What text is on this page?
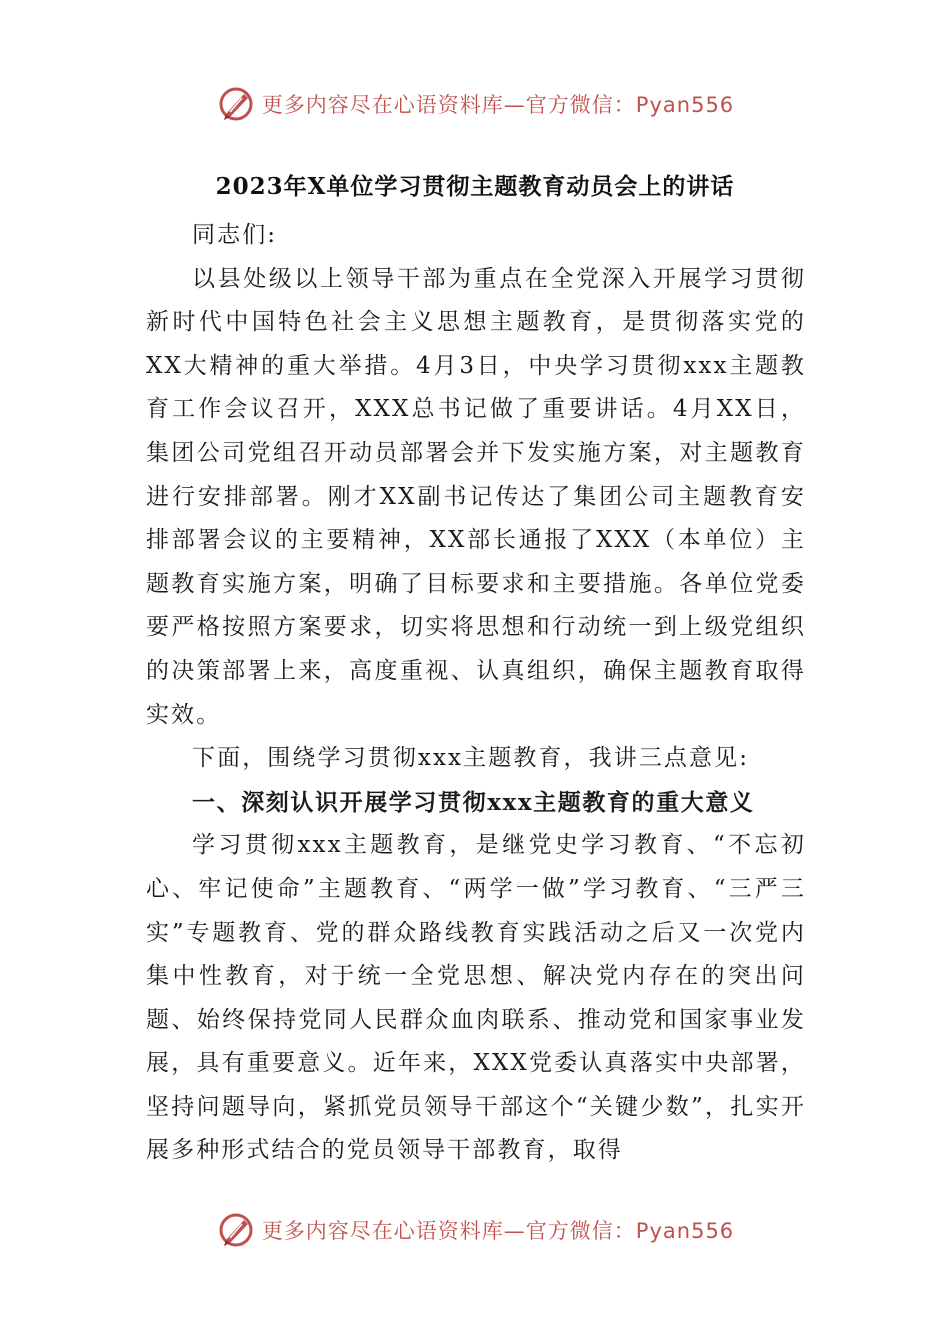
更多内容尽在心语资料库—官方微信：Pyan556
2023年X单位学习贯彻主题教育动员会上的讲话

同志们:

以县处级以上领导干部为重点在全党深入开展学习贯彻新时代中国特色社会主义思想主题教育，是贯彻落实党的XX大精神的重大举措。4月3日，中央学习贯彻xxx主题教育工作会议召开，XXX总书记做了重要讲话。4月XX日，集团公司党组召开动员部署会并下发实施方案，对主题教育进行安排部署。刚才XX副书记传达了集团公司主题教育安排部署会议的主要精神，XX部长通报了XXX（本单位）主题教育实施方案，明确了目标要求和主要措施。各单位党委要严格按照方案要求，切实将思想和行动统一到上级党组织的决策部署上来，高度重视、认真组织，确保主题教育取得实效。

下面，围绕学习贯彻xxx主题教育，我讲三点意见:

一、深刻认识开展学习贯彻xxx主题教育的重大意义

学习贯彻xxx主题教育，是继党史学习教育、“不忘初心、牢记使命”主题教育、“两学一做”学习教育、“三严三实”专题教育、党的群众路线教育实践活动之后又一次党内集中性教育，对于统一全党思想、解决党内存在的突出问题、始终保持党同人民群众血肉联系、推动党和国家事业发展，具有重要意义。近年来，XXX党委认真落实中央部署，坚持问题导向，紧抓党员领导干部这个“关键少数”，扎实开展多种形式结合的党员领导干部教育，取得

更多内容尽在心语资料库—官方微信：Pyan556
